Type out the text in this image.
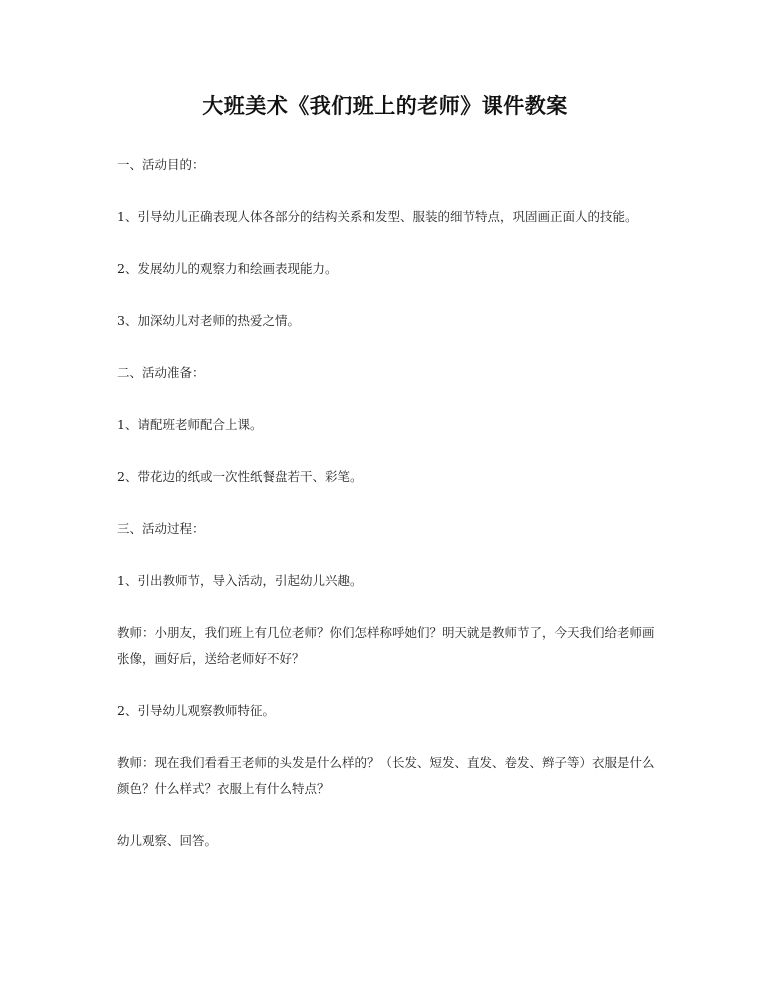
大班美术《我们班上的老师》课件教案

一、活动目的：

1、引导幼儿正确表现人体各部分的结构关系和发型、服装的细节特点，巩固画正面人的技能。

2、发展幼儿的观察力和绘画表现能力。

3、加深幼儿对老师的热爱之情。

二、活动准备：

1、请配班老师配合上课。

2、带花边的纸或一次性纸餐盘若干、彩笔。

三、活动过程：

1、引出教师节，导入活动，引起幼儿兴趣。

教师：小朋友，我们班上有几位老师？你们怎样称呼她们？明天就是教师节了，今天我们给老师画张像，画好后，送给老师好不好？

2、引导幼儿观察教师特征。

教师：现在我们看看王老师的头发是什么样的？（长发、短发、直发、卷发、辫子等）衣服是什么颜色？什么样式？衣服上有什么特点？

幼儿观察、回答。
